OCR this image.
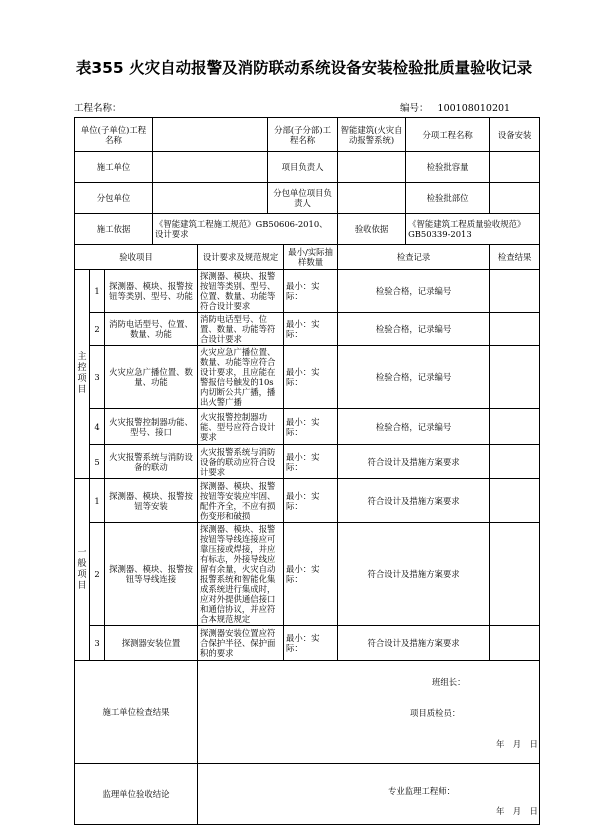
表355 火灾自动报警及消防联动系统设备安装检验批质量验收记录
工程名称：	编号： 100108010201
单位(子单位)工程名称					分部(子分部)工程名称		智能建筑(火灾自动报警系统)	分项工程名称	设备安装
施工单位					项目负责人			检验批容量	
分包单位					分包单位项目负责人			检验批部位	
施工依据			《智能建筑工程施工规范》GB50606-2010、设计要求				验收依据	《智能建筑工程质量验收规范》GB50339-2013	
验收项目				设计要求及规范规定		最小/实际抽样数量	检查记录		检查结果

主控项目	1	探测器、模块、报警按钮等类别、型号、功能		探测器、模块、报警按钮等类别、型号、位置、数量、功能等符合设计要求		最小：实际：	检验合格，记录编号		
	2	消防电话型号、位置、数量、功能		消防电话型号、位置、数量、功能等符合设计要求		最小：实际：	检验合格，记录编号		
	3	火灾应急广播位置、数量、功能		火灾应急广播位置、数量、功能等应符合设计要求，且应能在警报信号触发的10s内切断公共广播，播出火警广播		最小：实际：	检验合格，记录编号		
	4	火灾报警控制器功能、型号、接口		火灾报警控制器功能、型号应符合设计要求		最小：实际：	检验合格，记录编号		
	5	火灾报警系统与消防设备的联动		火灾报警系统与消防设备的联动应符合设计要求		最小：实际：	符合设计及措施方案要求		

一般项目	1	探测器、模块、报警按钮等安装		探测器、模块、报警按钮等安装应牢固、配件齐全，不应有损伤变形和破损		最小：实际：	符合设计及措施方案要求		
	2	探测器、模块、报警按钮等导线连接		探测器、模块、报警按钮等导线连接应可靠压接或焊接，并应有标志，外接导线应留有余量，火灾自动报警系统和智能化集成系统进行集成时，应对外提供通信接口和通信协议，并应符合本规范规定		最小：实际：	符合设计及措施方案要求		
	3	探测器安装位置		探测器安装位置应符合保护半径、保护面积的要求		最小：实际：	符合设计及措施方案要求		
施工单位检查结果				班组长：
项目质检员：
年　月　日					

监理单位验收结论				专业监理工程师：
年　月　日					
